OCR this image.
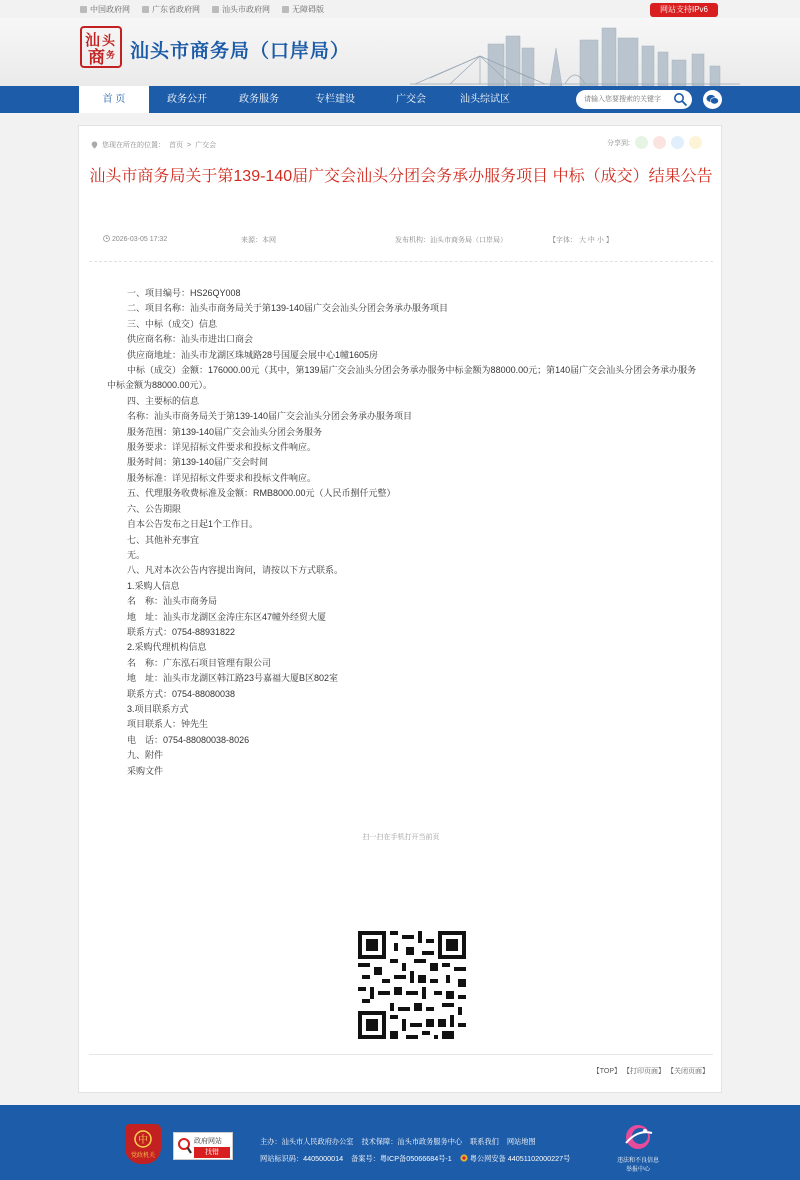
中国政府网	广东省政府网	汕头市政府网	无障碍版	网站支持IPv6
汕 头
商 务 汕头市商务局（口岸局）
首 页	政务公开	政务服务	专栏建设	广交会	汕头综试区
请输入您要搜索的关键字
您现在所在的位置： 首页 > 广交会	分享到:
汕头市商务局关于第139-140届广交会汕头分团会务承办服务项目 中标（成交）结果公告
2026-03-05 17:32	来源：本网	发布机构：汕头市商务局（口岸局）	【字体： 大 中 小 】

一、项目编号：HS26QY008

二、项目名称：汕头市商务局关于第139-140届广交会汕头分团会务承办服务项目

三、中标（成交）信息

供应商名称：汕头市进出口商会

供应商地址：汕头市龙湖区珠城路28号国厦会展中心1幢1605房

中标（成交）金额：176000.00元（其中，第139届广交会汕头分团会务承办服务中标金额为88000.00元；第140届广交会汕头分团会务承办服务中标金额为88000.00元）。

四、主要标的信息

名称：汕头市商务局关于第139-140届广交会汕头分团会务承办服务项目

服务范围：第139-140届广交会汕头分团会务服务

服务要求：详见招标文件要求和投标文件响应。

服务时间：第139-140届广交会时间

服务标准：详见招标文件要求和投标文件响应。

五、代理服务收费标准及金额：RMB8000.00元（人民币捌仟元整）

六、公告期限

自本公告发布之日起1个工作日。

七、其他补充事宜

无。

八、凡对本次公告内容提出询问，请按以下方式联系。

1.采购人信息

名　称：汕头市商务局

地　址：汕头市龙湖区金涛庄东区47幢外经贸大厦

联系方式：0754-88931822

2.采购代理机构信息

名　称：广东泓石项目管理有限公司

地　址：汕头市龙湖区韩江路23号嘉福大厦B区802室

联系方式：0754-88080038

3.项目联系方式

项目联系人：钟先生

电　话：0754-88080038-8026

九、附件

采购文件

扫一扫在手机打开当前页
【TOP】 【打印页面】 【关闭页面】
中
党政机关
政府网站
找错
主办：汕头市人民政府办公室 技术保障：汕头市政务服务中心 联系我们 网站地图
网站标识码：4405000014 备案号：粤ICP备05066684号-1	粤公网安备 44051102000227号	违法和不良信息
举报中心
